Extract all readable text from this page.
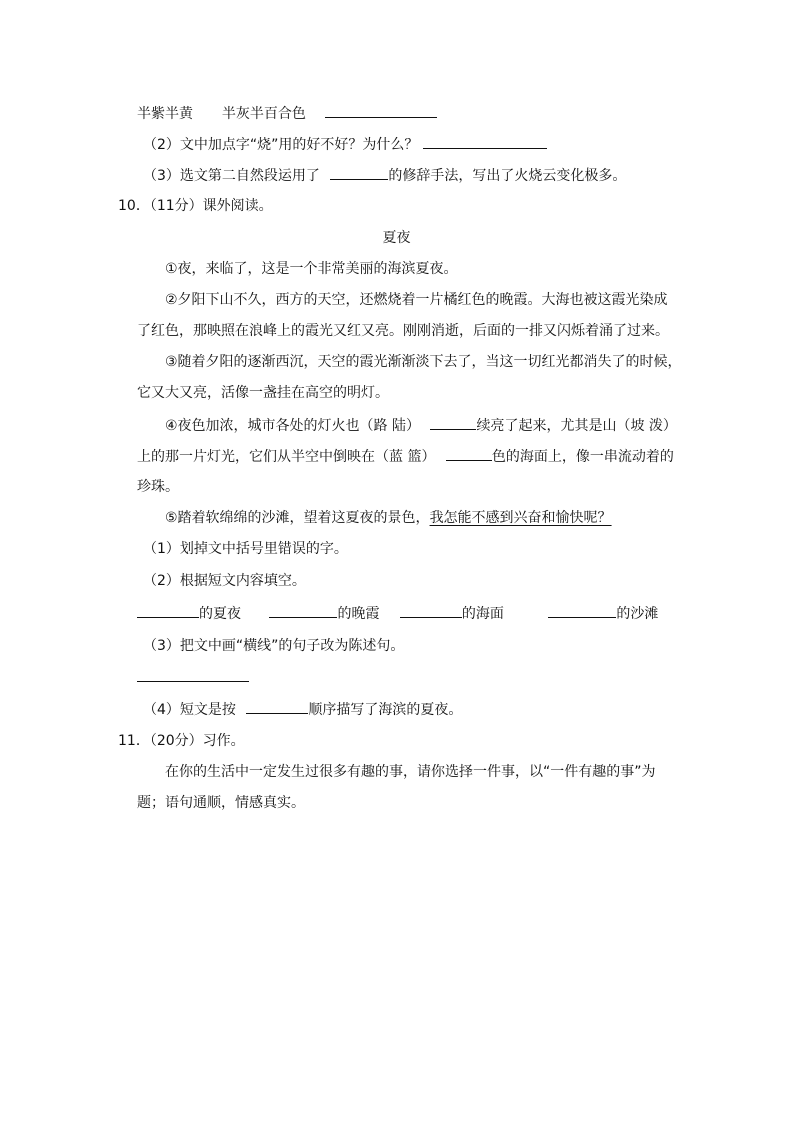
半紫半黄 半灰半百合色
（2）文中加点字“烧”用的好不好？为什么？
（3）选文第二自然段运用了	的修辞手法，写出了火烧云变化极多。
10．（11分）课外阅读。
夏夜
①夜，来临了，这是一个非常美丽的海滨夏夜。
②夕阳下山不久，西方的天空，还燃烧着一片橘红色的晚霞。大海也被这霞光染成
了红色，那映照在浪峰上的霞光又红又亮。刚刚消逝，后面的一排又闪烁着涌了过来。
③随着夕阳的逐渐西沉，天空的霞光渐渐淡下去了，当这一切红光都消失了的时候，
它又大又亮，活像一盏挂在高空的明灯。
④夜色加浓，城市各处的灯火也（路 陆）	续亮了起来，尤其是山（坡 泼）
上的那一片灯光，它们从半空中倒映在（蓝 篮）	色的海面上，像一串流动着的
珍珠。
⑤踏着软绵绵的沙滩，望着这夏夜的景色，我怎能不感到兴奋和愉快呢？
（1）划掉文中括号里错误的字。
（2）根据短文内容填空。
的夏夜	的晚霞	的海面	的沙滩
（3）把文中画“横线”的句子改为陈述句。
（4）短文是按	顺序描写了海滨的夏夜。
11．（20分）习作。
在你的生活中一定发生过很多有趣的事，请你选择一件事，以“一件有趣的事”为
题；语句通顺，情感真实。
